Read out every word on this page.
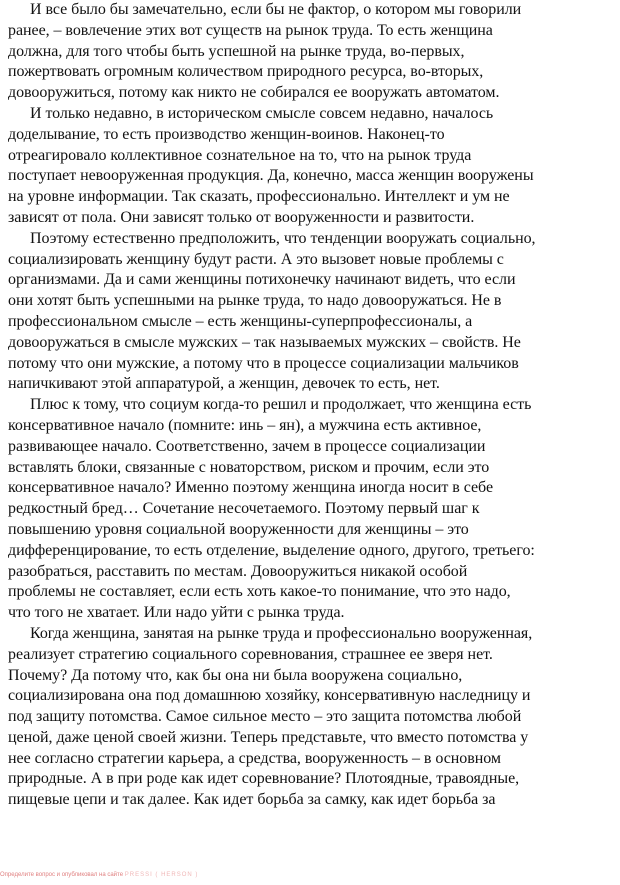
И все было бы замечательно, если бы не фактор, о котором мы говорили
ранее, – вовлечение этих вот существ на рынок труда. То есть женщина
должна, для того чтобы быть успешной на рынке труда, во-первых,
пожертвовать огромным количеством природного ресурса, во-вторых,
довооружиться, потому как никто не собирался ее вооружать автоматом.
И только недавно, в историческом смысле совсем недавно, началось
доделывание, то есть производство женщин-воинов. Наконец-то
отреагировало коллективное сознательное на то, что на рынок труда
поступает невооруженная продукция. Да, конечно, масса женщин вооружены
на уровне информации. Так сказать, профессионально. Интеллект и ум не
зависят от пола. Они зависят только от вооруженности и развитости.
Поэтому естественно предположить, что тенденции вооружать социально,
социализировать женщину будут расти. А это вызовет новые проблемы с
организмами. Да и сами женщины потихонечку начинают видеть, что если
они хотят быть успешными на рынке труда, то надо довооружаться. Не в
профессиональном смысле – есть женщины-суперпрофессионалы, а
довооружаться в смысле мужских – так называемых мужских – свойств. Не
потому что они мужские, а потому что в процессе социализации мальчиков
напичкивают этой аппаратурой, а женщин, девочек то есть, нет.
Плюс к тому, что социум когда-то решил и продолжает, что женщина есть
консервативное начало (помните: инь – ян), а мужчина есть активное,
развивающее начало. Соответственно, зачем в процессе социализации
вставлять блоки, связанные с новаторством, риском и прочим, если это
консервативное начало? Именно поэтому женщина иногда носит в себе
редкостный бред… Сочетание несочетаемого. Поэтому первый шаг к
повышению уровня социальной вооруженности для женщины – это
дифференцирование, то есть отделение, выделение одного, другого, третьего:
разобраться, расставить по местам. Довооружиться никакой особой
проблемы не составляет, если есть хоть какое-то понимание, что это надо,
что того не хватает. Или надо уйти с рынка труда.
Когда женщина, занятая на рынке труда и профессионально вооруженная,
реализует стратегию социального соревнования, страшнее ее зверя нет.
Почему? Да потому что, как бы она ни была вооружена социально,
социализирована она под домашнюю хозяйку, консервативную наследницу и
под защиту потомства. Самое сильное место – это защита потомства любой
ценой, даже ценой своей жизни. Теперь представьте, что вместо потомства у
нее согласно стратегии карьера, а средства, вооруженность – в основном
природные. А в при роде как идет соревнование? Плотоядные, травоядные,
пищевые цепи и так далее. Как идет борьба за самку, как идет борьба за
Определите вопрос и опубликовал на сайте PRESSI ( HERSON )
